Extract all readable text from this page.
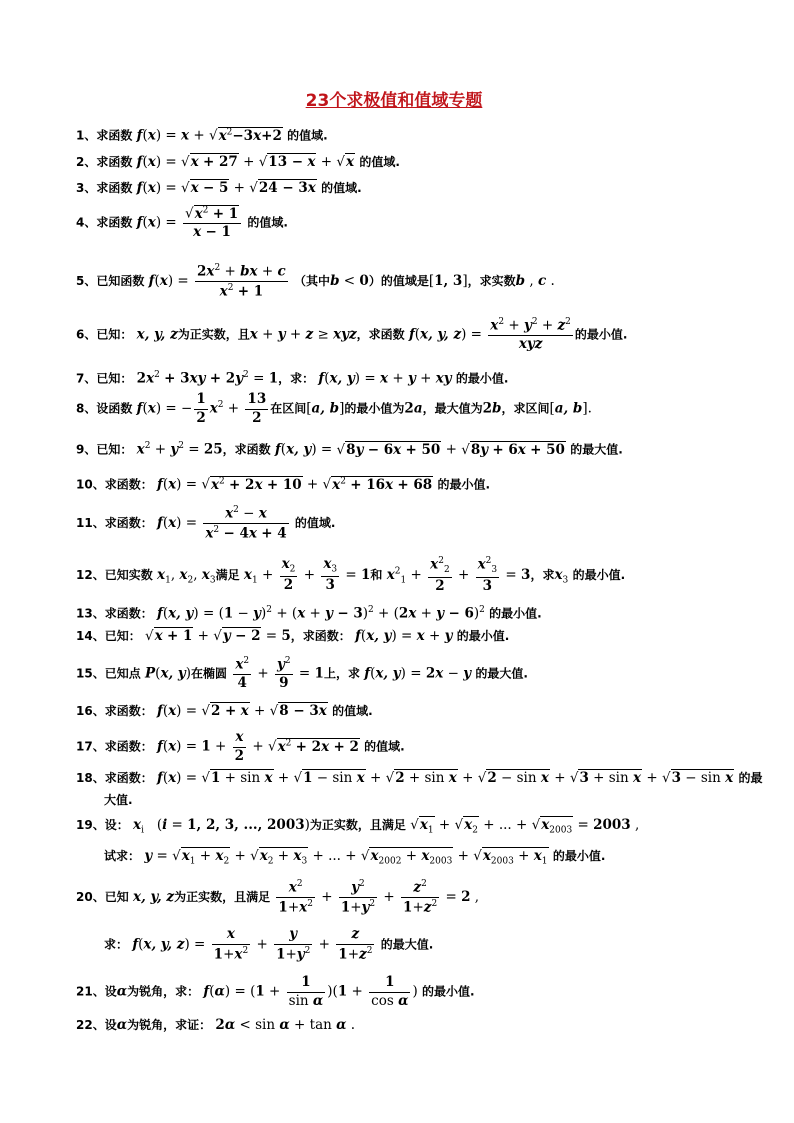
23个求极值和值域专题
1、求函数 $f(x) = x + √x^2-3x+2$ 的值域.
2、求函数 f(x) = √x + 27 + √13 − x + √x 的值域.
3、求函数 f(x) = √x − 5 + √24 − 3x 的值域.
4、求函数 $f(x) = \frac{√x^2 + 1}{x - 1}$ 的值域.
5、已知函数 $f(x) = \frac{2x^2 + bx + c}{x^2 + 1}$ （其中b < 0）的值域是[1, 3]，求实数b , c .
6、已知： x, y, z为正实数，且x + y + z ≥ xyz，求函数 f(x, y, $z) = \frac{x^2 + y^2 + z^2}{\text{xyz}}$ 的最小值.
7、已知： $2x^2 + 3xy + 2y^2 = 1$，求： f(x, y) = x + y + xy 的最小值.
8、设函数 f(x) = − $\frac{1}{2} x^2 + \frac{13}{2}$ 在区间[a, b]的最小值为2a，最大值为2b，求区间[a, b].
9、已知： $x^2 + y^2 = 25$，求函数 f(x, y) = √8y − 6x + 50 + √8y + 6x + 50 的最大值.
10、求函数： $f(x) = √x^2 + 2x + 10 + √x^2 + 16x + 68$ 的最小值.
11、求函数： $f(x) = \frac{x^2 - x}{x^2 - 4x + 4}$ 的值域.
12、已知实数 $x_1$, $x_2$, $x_3$满足 $x_1 + \frac{x_2}{2} + \frac{x_3}{3} = 1$和 $x^2_1 + \frac{x^2_2}{2} + \frac{x^2_3}{3} = 3$，求$x_3$ 的最小值.
13、求函数： f(x, $y) = (1 - y)^2 + (x + y - 3)^2 + (2x + y - 6)^2$ 的最小值.
14、已知： √x + 1 + √y − 2 = 5，求函数： f(x, y) = x + y 的最小值.
15、已知点 P(x, y)在椭圆 $\frac{x^2}{4} + \frac{y^2}{9} = 1$上，求 f(x, y) = 2x − y 的最大值.
16、求函数： f(x) = √2 + x + √8 − 3x 的值域.
17、求函数： $f(x) = 1 + \frac{x}{2} + √x^2 + 2x + 2$ 的值域.
18、求函数： f(x) = √1 + sin x + √1 − sin x + √2 + sin x + √2 − sin x + √3 + sin x + √3 − sin x 的最
大值.
19、设： $x_i$   (i = 1, 2, 3, ..., 2003)为正实数，且满足 $√x_1 + √x_2$ + ... + $√x_{2003} = 2003$ ,
试求： $y = √x_1 + x_2 + √x_2 + x_3$ + ... + $√x_{2002} + x_{2003} + √x_{2003} + x_1$ 的最小值.
20、已知 x, y, z为正实数，且满足 $\frac{x^2}{1+x^2} + \frac{y^2}{1+y^2} + \frac{z^2}{1+z^2} = 2$ ,
求： f(x, y, $z) = \frac{x}{1+x^2} + \frac{y}{1+y^2} + \frac{z}{1+z^2}$ 的最大值.
21、设α为锐角，求： $f(\alpha) = (1 + \frac{1}{\text{sin α}} )(1 + \frac{1}{\text{cos α}}$ ) 的最小值.
22、设α为锐角，求证： 2α < sin α + tan α .
